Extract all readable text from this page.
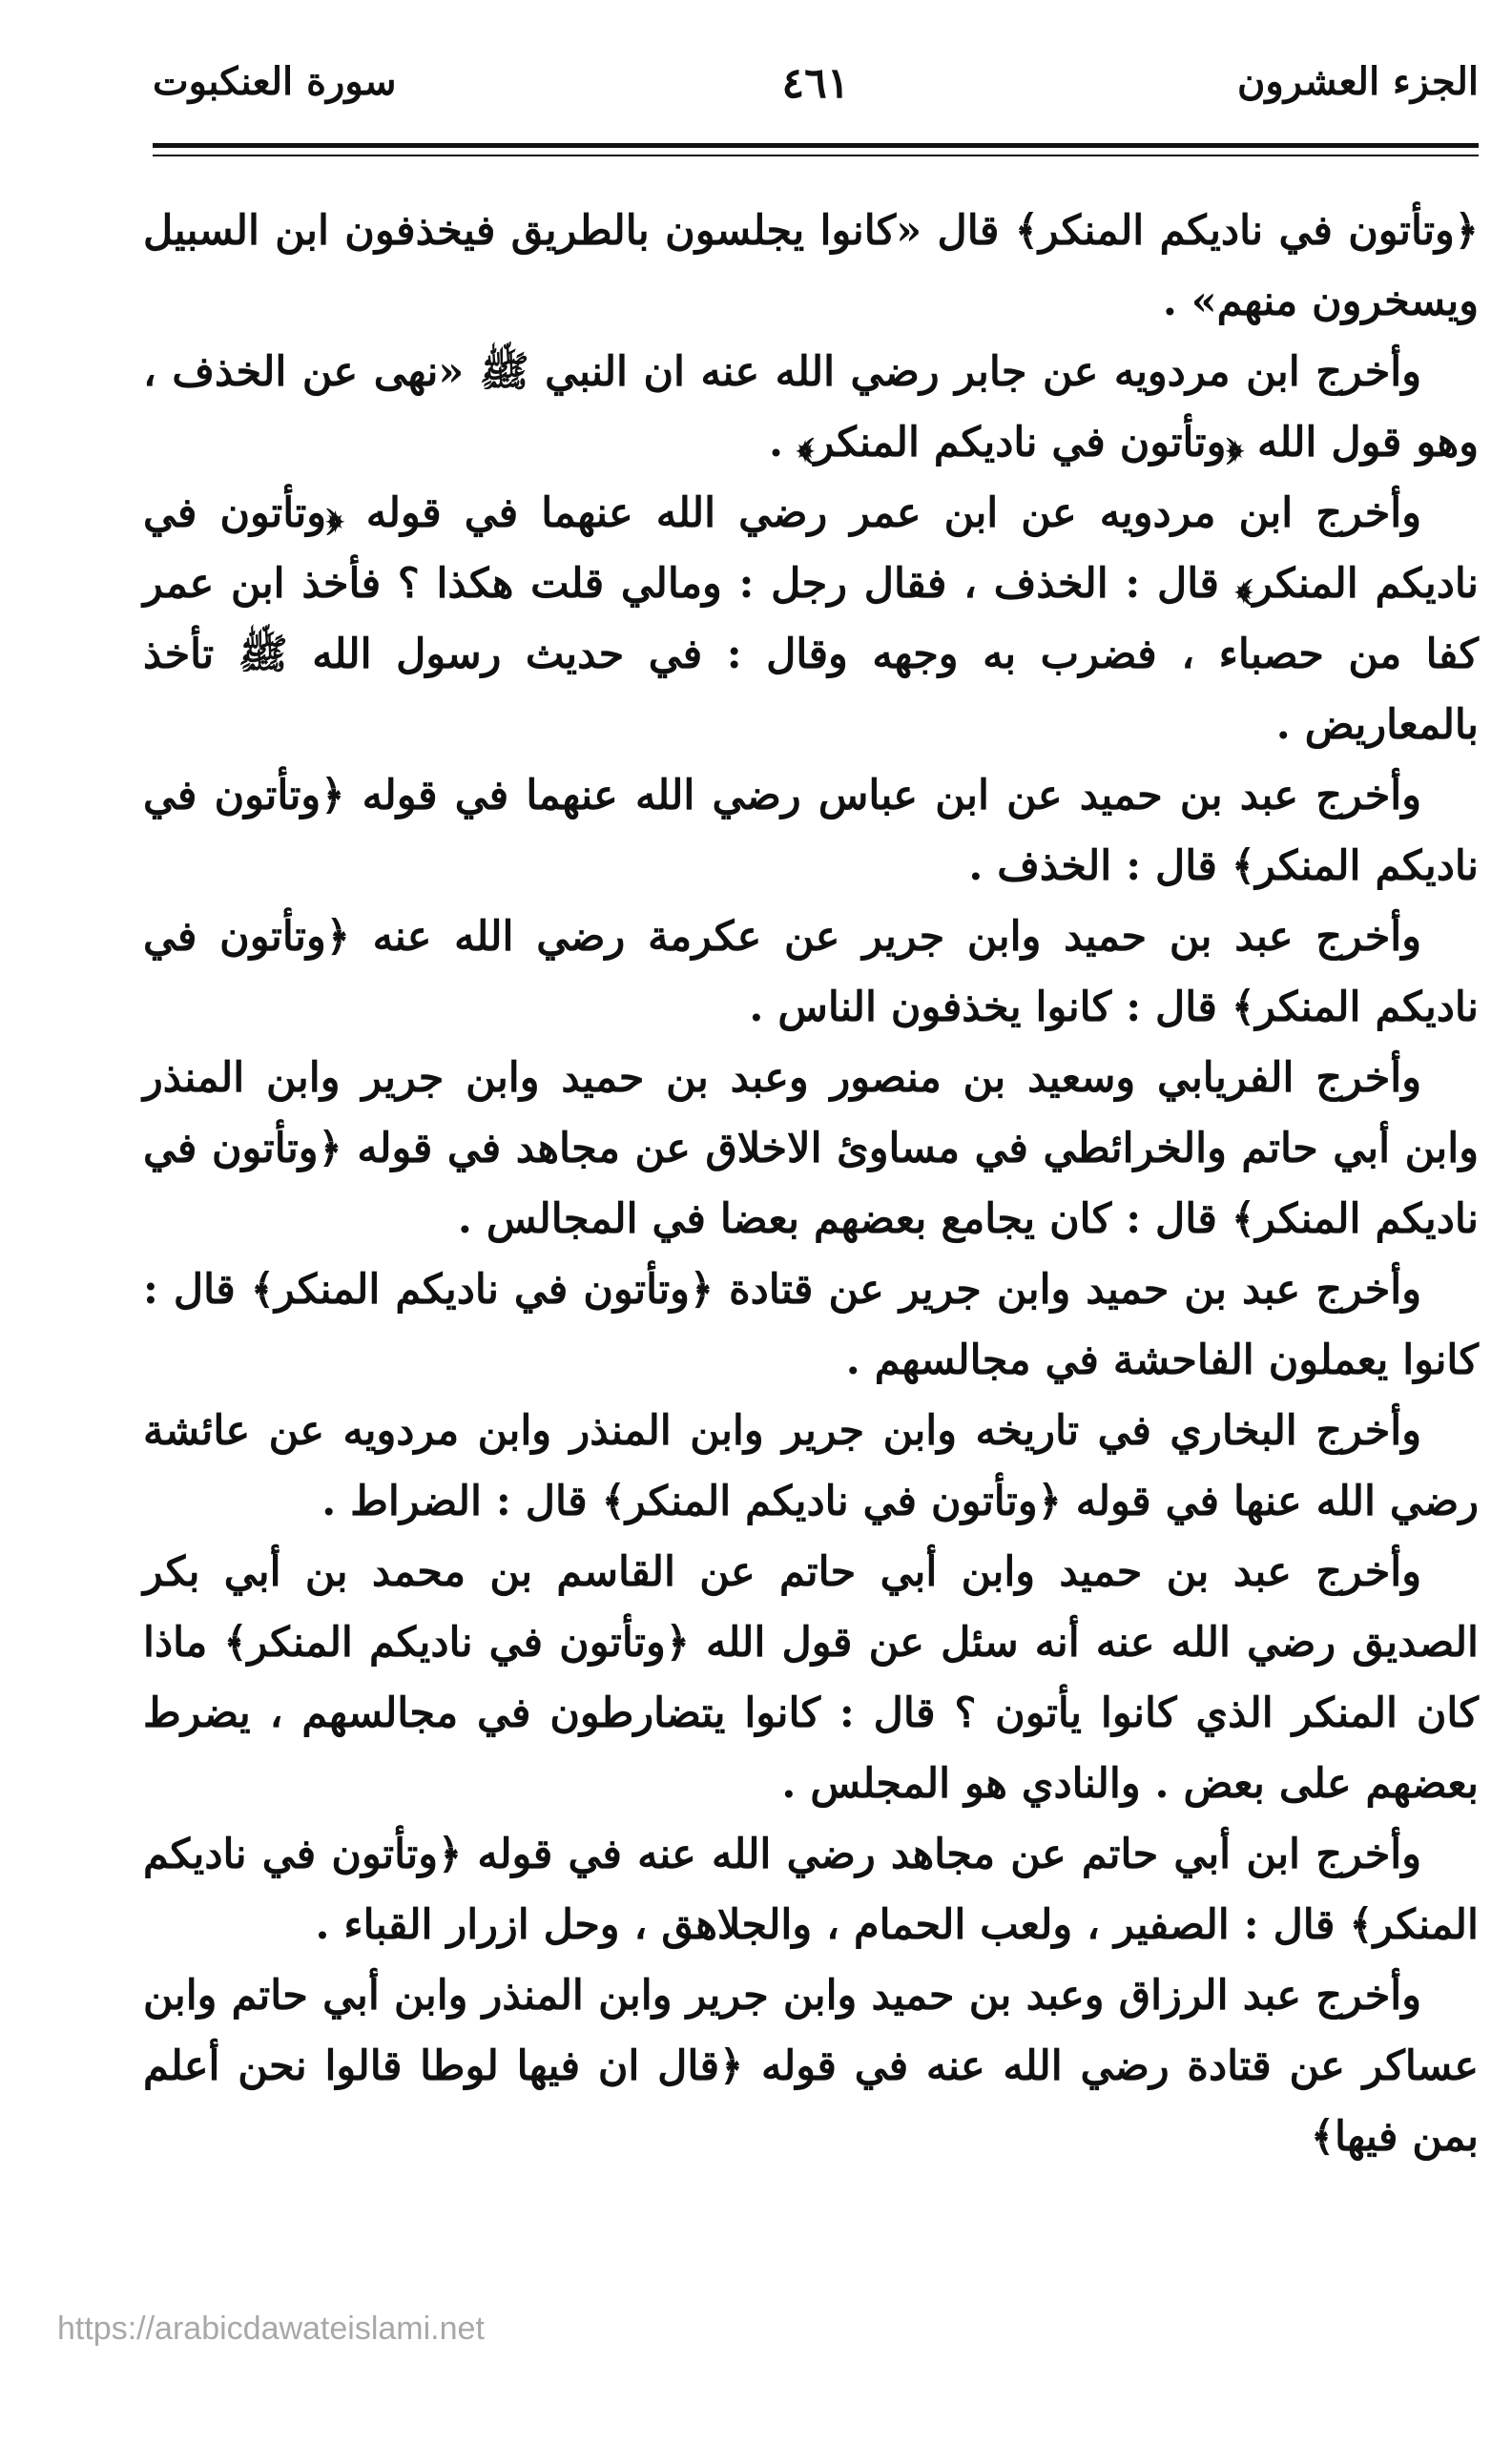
الجزء العشرون
٤٦١
سورة العنكبوت

﴿وتأتون في ناديكم المنكر﴾ قال «كانوا يجلسون بالطريق فيخذفون ابن السبيل ويسخرون منهم» .

وأخرج ابن مردويه عن جابر رضي الله عنه ان النبي ﷺ «نهى عن الخذف ، وهو قول الله ﴿وتأتون في ناديكم المنكر﴾ .

وأخرج ابن مردويه عن ابن عمر رضي الله عنهما في قوله ﴿وتأتون في ناديكم المنكر﴾ قال : الخذف ، فقال رجل : ومالي قلت هكذا ؟ فأخذ ابن عمر كفا من حصباء ، فضرب به وجهه وقال : في حديث رسول الله ﷺ تأخذ بالمعاريض .

وأخرج عبد بن حميد عن ابن عباس رضي الله عنهما في قوله ﴿وتأتون في ناديكم المنكر﴾ قال : الخذف .

وأخرج عبد بن حميد وابن جرير عن عكرمة رضي الله عنه ﴿وتأتون في ناديكم المنكر﴾ قال : كانوا يخذفون الناس .

وأخرج الفريابي وسعيد بن منصور وعبد بن حميد وابن جرير وابن المنذر وابن أبي حاتم والخرائطي في مساوئ الاخلاق عن مجاهد في قوله ﴿وتأتون في ناديكم المنكر﴾ قال : كان يجامع بعضهم بعضا في المجالس .

وأخرج عبد بن حميد وابن جرير عن قتادة ﴿وتأتون في ناديكم المنكر﴾ قال : كانوا يعملون الفاحشة في مجالسهم .

وأخرج البخاري في تاريخه وابن جرير وابن المنذر وابن مردويه عن عائشة رضي الله عنها في قوله ﴿وتأتون في ناديكم المنكر﴾ قال : الضراط .

وأخرج عبد بن حميد وابن أبي حاتم عن القاسم بن محمد بن أبي بكر الصديق رضي الله عنه أنه سئل عن قول الله ﴿وتأتون في ناديكم المنكر﴾ ماذا كان المنكر الذي كانوا يأتون ؟ قال : كانوا يتضارطون في مجالسهم ، يضرط بعضهم على بعض . والنادي هو المجلس .

وأخرج ابن أبي حاتم عن مجاهد رضي الله عنه في قوله ﴿وتأتون في ناديكم المنكر﴾ قال : الصفير ، ولعب الحمام ، والجلاهق ، وحل ازرار القباء .

وأخرج عبد الرزاق وعبد بن حميد وابن جرير وابن المنذر وابن أبي حاتم وابن عساكر عن قتادة رضي الله عنه في قوله ﴿قال ان فيها لوطا قالوا نحن أعلم بمن فيها﴾

https://arabicdawateislami.net
